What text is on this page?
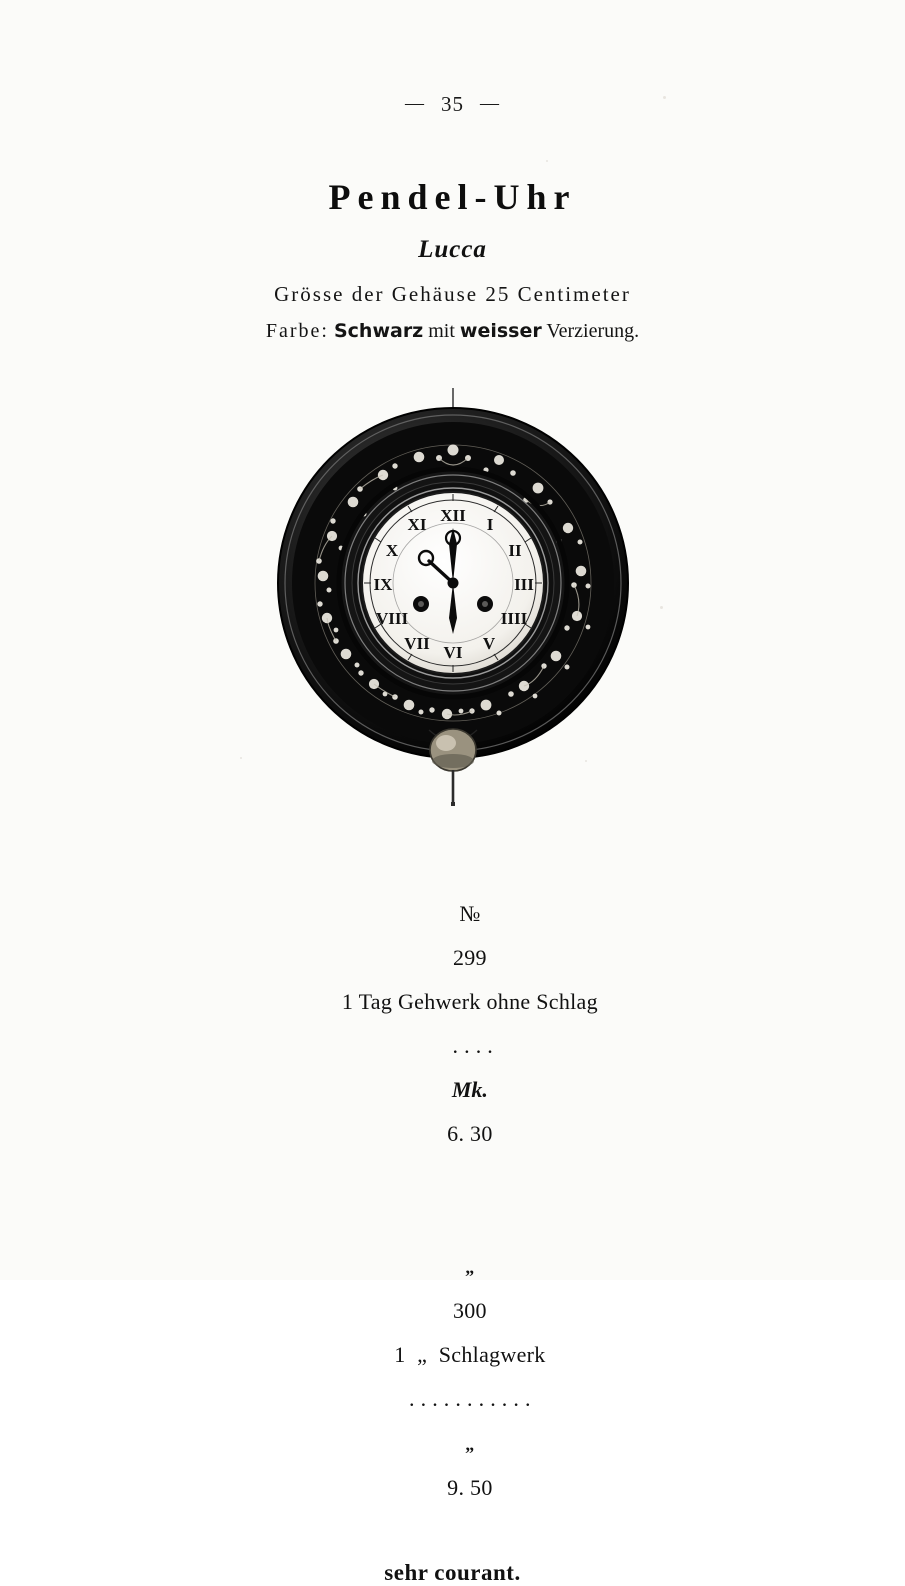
— 35 —
Pendel-Uhr
Lucca
Grösse der Gehäuse 25 Centimeter
Farbe: Schwarz mit weisser Verzierung.
XII I
II
III
IIII
V
VI
VII
VIII
IX
X
XI

№
299
1 Tag Gehwerk ohne Schlag
. . . .
Mk.
6. 30

„
300
1  „  Schlagwerk
. . . . . . . . . . .
„
9. 50

sehr courant.
